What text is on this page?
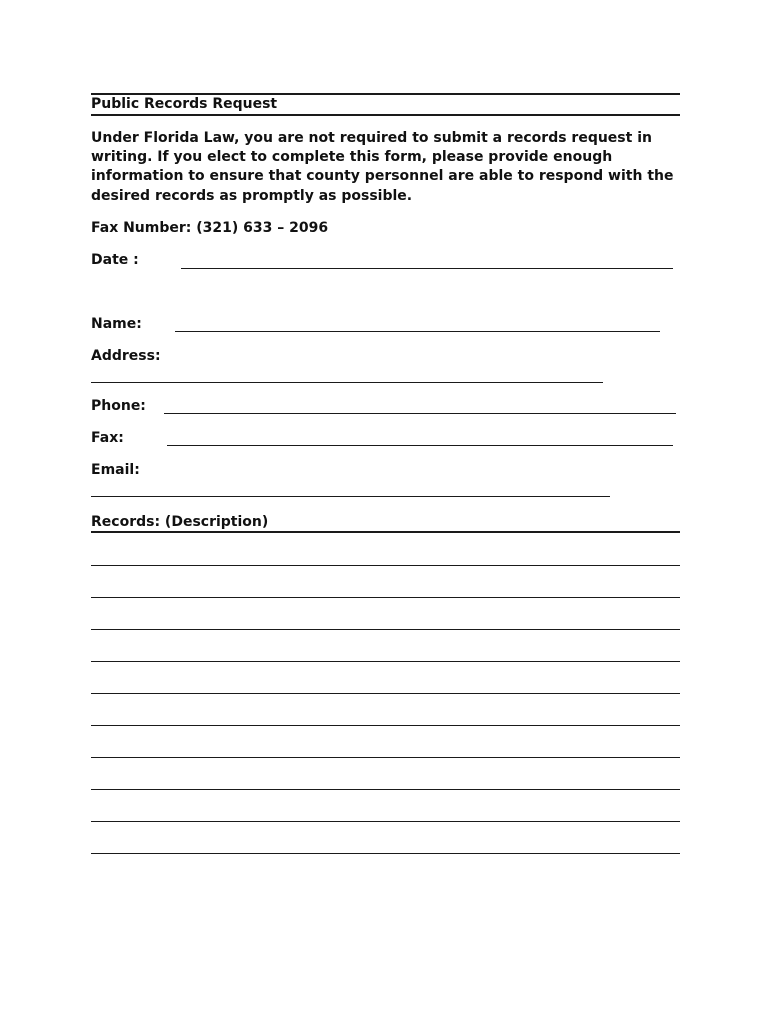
Public Records Request
Under Florida Law, you are not required to submit a records request in writing. If you elect to complete this form, please provide enough information to ensure that county personnel are able to respond with the desired records as promptly as possible.
Fax Number: (321) 633 – 2096
Date :
Name:
Address:
Phone:
Fax:
Email:
Records: (Description)
